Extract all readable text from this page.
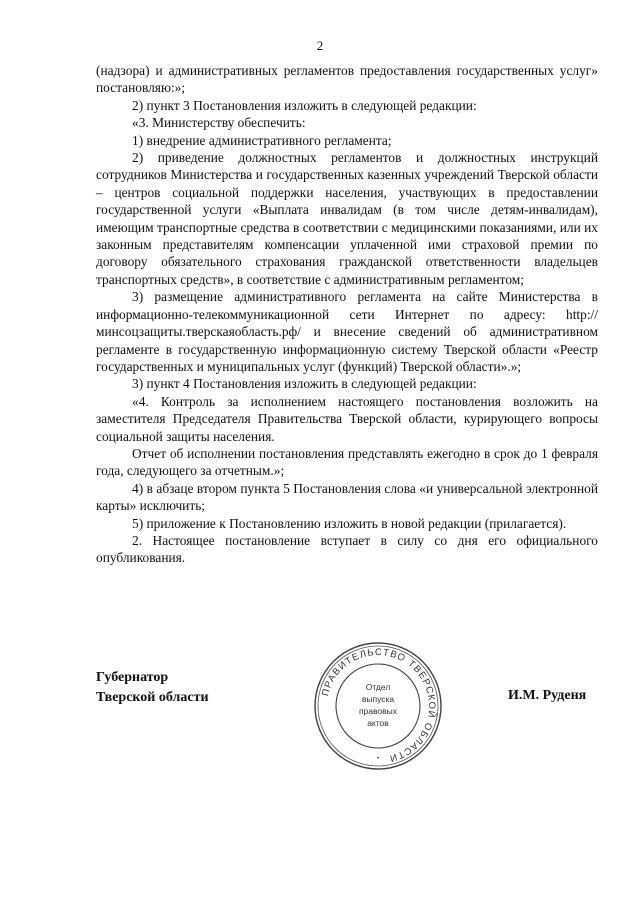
2

(надзора) и административных регламентов предоставления государственных услуг» постановляю:»;

2) пункт 3 Постановления изложить в следующей редакции:

«3. Министерству обеспечить:

1) внедрение административного регламента;

2) приведение должностных регламентов и должностных инструкций сотрудников Министерства и государственных казенных учреждений Тверской области – центров социальной поддержки населения, участвующих в предоставлении государственной услуги «Выплата инвалидам (в том числе детям-инвалидам), имеющим транспортные средства в соответствии с медицинскими показаниями, или их законным представителям компенсации уплаченной ими страховой премии по договору обязательного страхования гражданской ответственности владельцев транспортных средств», в соответствие с административным регламентом;

3) размещение административного регламента на сайте Министерства в информационно-телекоммуникационной сети Интернет по адресу: http://минсоцзащиты.тверскаяобласть.рф/ и внесение сведений об административном регламенте в государственную информационную систему Тверской области «Реестр государственных и муниципальных услуг (функций) Тверской области».»;

3) пункт 4 Постановления изложить в следующей редакции:

«4. Контроль за исполнением настоящего постановления возложить на заместителя Председателя Правительства Тверской области, курирующего вопросы социальной защиты населения.

Отчет об исполнении постановления представлять ежегодно в срок до 1 февраля года, следующего за отчетным.»;

4) в абзаце втором пункта 5 Постановления слова «и универсальной электронной карты» исключить;

5) приложение к Постановлению изложить в новой редакции (прилагается).

2. Настоящее постановление вступает в силу со дня его официального опубликования.

Губернатор
Тверской области	И.М. Руденя
ПРАВИТЕЛЬСТВО ТВЕРСКОЙ ОБЛАСТИ
•
Отдел
выпуска
правовых
актов
